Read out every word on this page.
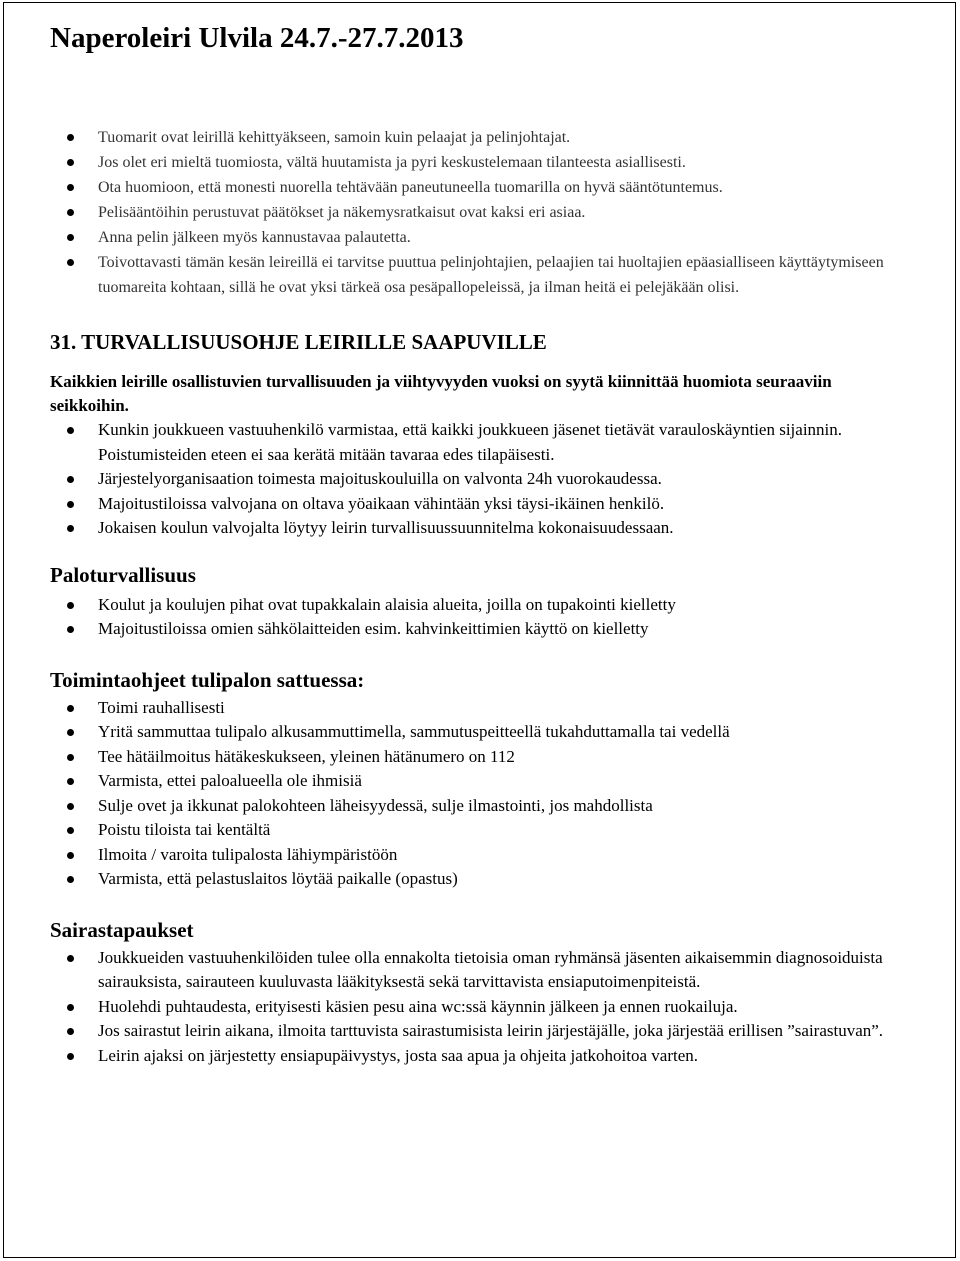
Naperoleiri Ulvila 24.7.-27.7.2013
Tuomarit ovat leirillä kehittyäkseen, samoin kuin pelaajat ja pelinjohtajat.
Jos olet eri mieltä tuomiosta, vältä huutamista ja pyri keskustelemaan tilanteesta asiallisesti.
Ota huomioon, että monesti nuorella tehtävään paneutuneella tuomarilla on hyvä sääntötuntemus.
Pelisääntöihin perustuvat päätökset ja näkemysratkaisut ovat kaksi eri asiaa.
Anna pelin jälkeen myös kannustavaa palautetta.
Toivottavasti tämän kesän leireillä ei tarvitse puuttua pelinjohtajien, pelaajien tai huoltajien epäasialliseen käyttäytymiseen tuomareita kohtaan, sillä he ovat yksi tärkeä osa pesäpallopeleissä, ja ilman heitä ei pelejäkään olisi.
31. TURVALLISUUSOHJE LEIRILLE SAAPUVILLE

Kaikkien leirille osallistuvien turvallisuuden ja viihtyvyyden vuoksi on syytä kiinnittää huomiota seuraaviin seikkoihin.

Kunkin joukkueen vastuuhenkilö varmistaa, että kaikki joukkueen jäsenet tietävät varauloskäyntien sijainnin. Poistumisteiden eteen ei saa kerätä mitään tavaraa edes tilapäisesti.
Järjestelyorganisaation toimesta majoituskouluilla on valvonta 24h vuorokaudessa.
Majoitustiloissa valvojana on oltava yöaikaan vähintään yksi täysi-ikäinen henkilö.
Jokaisen koulun valvojalta löytyy leirin turvallisuussuunnitelma kokonaisuudessaan.
Paloturvallisuus
Koulut ja koulujen pihat ovat tupakkalain alaisia alueita, joilla on tupakointi kielletty
Majoitustiloissa omien sähkölaitteiden esim. kahvinkeittimien käyttö on kielletty
Toimintaohjeet tulipalon sattuessa:
Toimi rauhallisesti
Yritä sammuttaa tulipalo alkusammuttimella, sammutuspeitteellä tukahduttamalla tai vedellä
Tee hätäilmoitus hätäkeskukseen, yleinen hätänumero on 112
Varmista, ettei paloalueella ole ihmisiä
Sulje ovet ja ikkunat palokohteen läheisyydessä, sulje ilmastointi, jos mahdollista
Poistu tiloista tai kentältä
Ilmoita / varoita tulipalosta lähiympäristöön
Varmista, että pelastuslaitos löytää paikalle (opastus)
Sairastapaukset
Joukkueiden vastuuhenkilöiden tulee olla ennakolta tietoisia oman ryhmänsä jäsenten aikaisemmin diagnosoiduista sairauksista, sairauteen kuuluvasta lääkityksestä sekä tarvittavista ensiaputoimenpiteistä.
Huolehdi puhtaudesta, erityisesti käsien pesu aina wc:ssä käynnin jälkeen ja ennen ruokailuja.
Jos sairastut leirin aikana, ilmoita tarttuvista sairastumisista leirin järjestäjälle, joka järjestää erillisen ”sairastuvan”.
Leirin ajaksi on järjestetty ensiapupäivystys, josta saa apua ja ohjeita jatkohoitoa varten.
